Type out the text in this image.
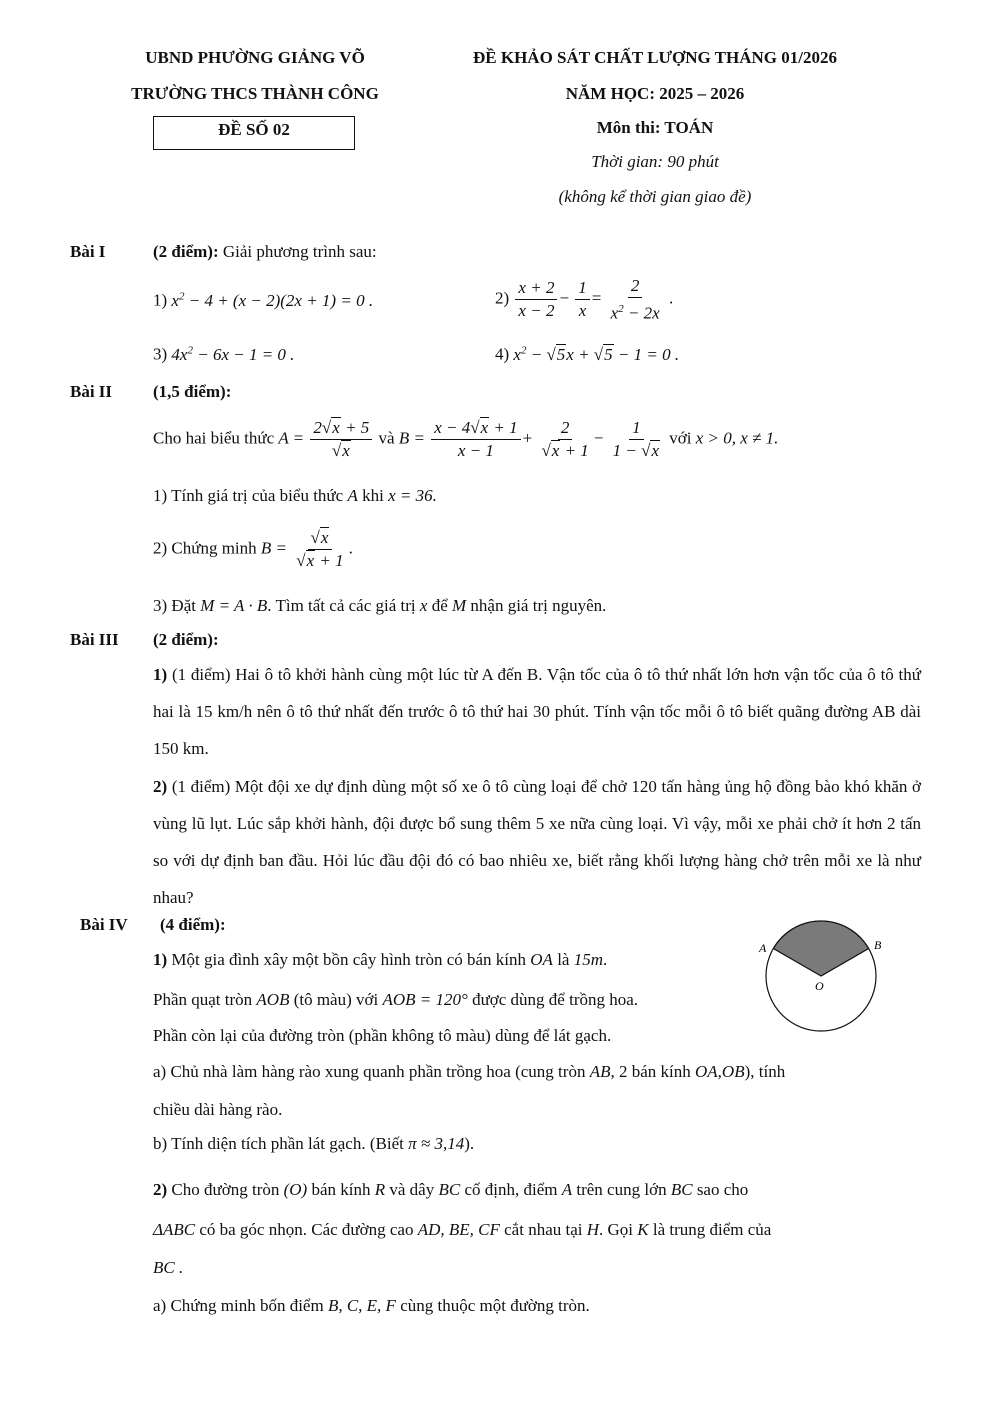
UBND PHƯỜNG GIẢNG VÕ
TRƯỜNG THCS THÀNH CÔNG
ĐỀ SỐ 02
ĐỀ KHẢO SÁT CHẤT LƯỢNG THÁNG 01/2026
NĂM HỌC: 2025 – 2026
Môn thi: TOÁN
Thời gian: 90 phút
(không kể thời gian giao đề)
Bài I	(2 điểm): Giải phương trình sau:
1) $x^2 - 4 + (x - 2)(2x + 1) = 0$ .	$2) \frac{x + 2}{x - 2} - \frac{1}{x} = \frac{2}{x^2 - 2x}$ .
3) $4x^2 - 6x - 1 = 0$ .	4) $x^2 - √5x + √5 - 1 = 0$ .
Bài II (1,5 điểm):
Cho hai biểu thức $A = \frac{2√x + 5}{√x}$ và $B = \frac{x - 4√x + 1}{x - 1} + \frac{2}{√x + 1} - \frac{1}{1 - √x}$ với x > 0, x ≠ 1.
1) Tính giá trị của biểu thức A khi x = 36.
2) Chứng minh $B = \frac{√x}{√x + 1}$ .
3) Đặt M = A · B. Tìm tất cả các giá trị x để M nhận giá trị nguyên.
Bài III (2 điểm):
1) (1 điểm) Hai ô tô khởi hành cùng một lúc từ A đến B. Vận tốc của ô tô thứ nhất lớn hơn vận tốc của ô tô thứ hai là 15 km/h nên ô tô thứ nhất đến trước ô tô thứ hai 30 phút. Tính vận tốc mỗi ô tô biết quãng đường AB dài 150 km.
2) (1 điểm) Một đội xe dự định dùng một số xe ô tô cùng loại để chở 120 tấn hàng ủng hộ đồng bào khó khăn ở vùng lũ lụt. Lúc sắp khởi hành, đội được bổ sung thêm 5 xe nữa cùng loại. Vì vậy, mỗi xe phải chở ít hơn 2 tấn so với dự định ban đầu. Hỏi lúc đầu đội đó có bao nhiêu xe, biết rằng khối lượng hàng chở trên mỗi xe là như nhau?
Bài IV (4 điểm):
1) Một gia đình xây một bồn cây hình tròn có bán kính OA là 15m.
Phần quạt tròn AOB (tô màu) với AOB = 120° được dùng để trồng hoa.
Phần còn lại của đường tròn (phần không tô màu) dùng để lát gạch.
A	B
O
a) Chủ nhà làm hàng rào xung quanh phần trồng hoa (cung tròn AB, 2 bán kính OA,OB), tính
chiều dài hàng rào.
b) Tính diện tích phần lát gạch. (Biết π ≈ 3,14).
2) Cho đường tròn (O) bán kính R và dây BC cố định, điểm A trên cung lớn BC sao cho
ΔABC có ba góc nhọn. Các đường cao AD, BE, CF cắt nhau tại H. Gọi K là trung điểm của
BC .
a) Chứng minh bốn điểm B, C, E, F cùng thuộc một đường tròn.
